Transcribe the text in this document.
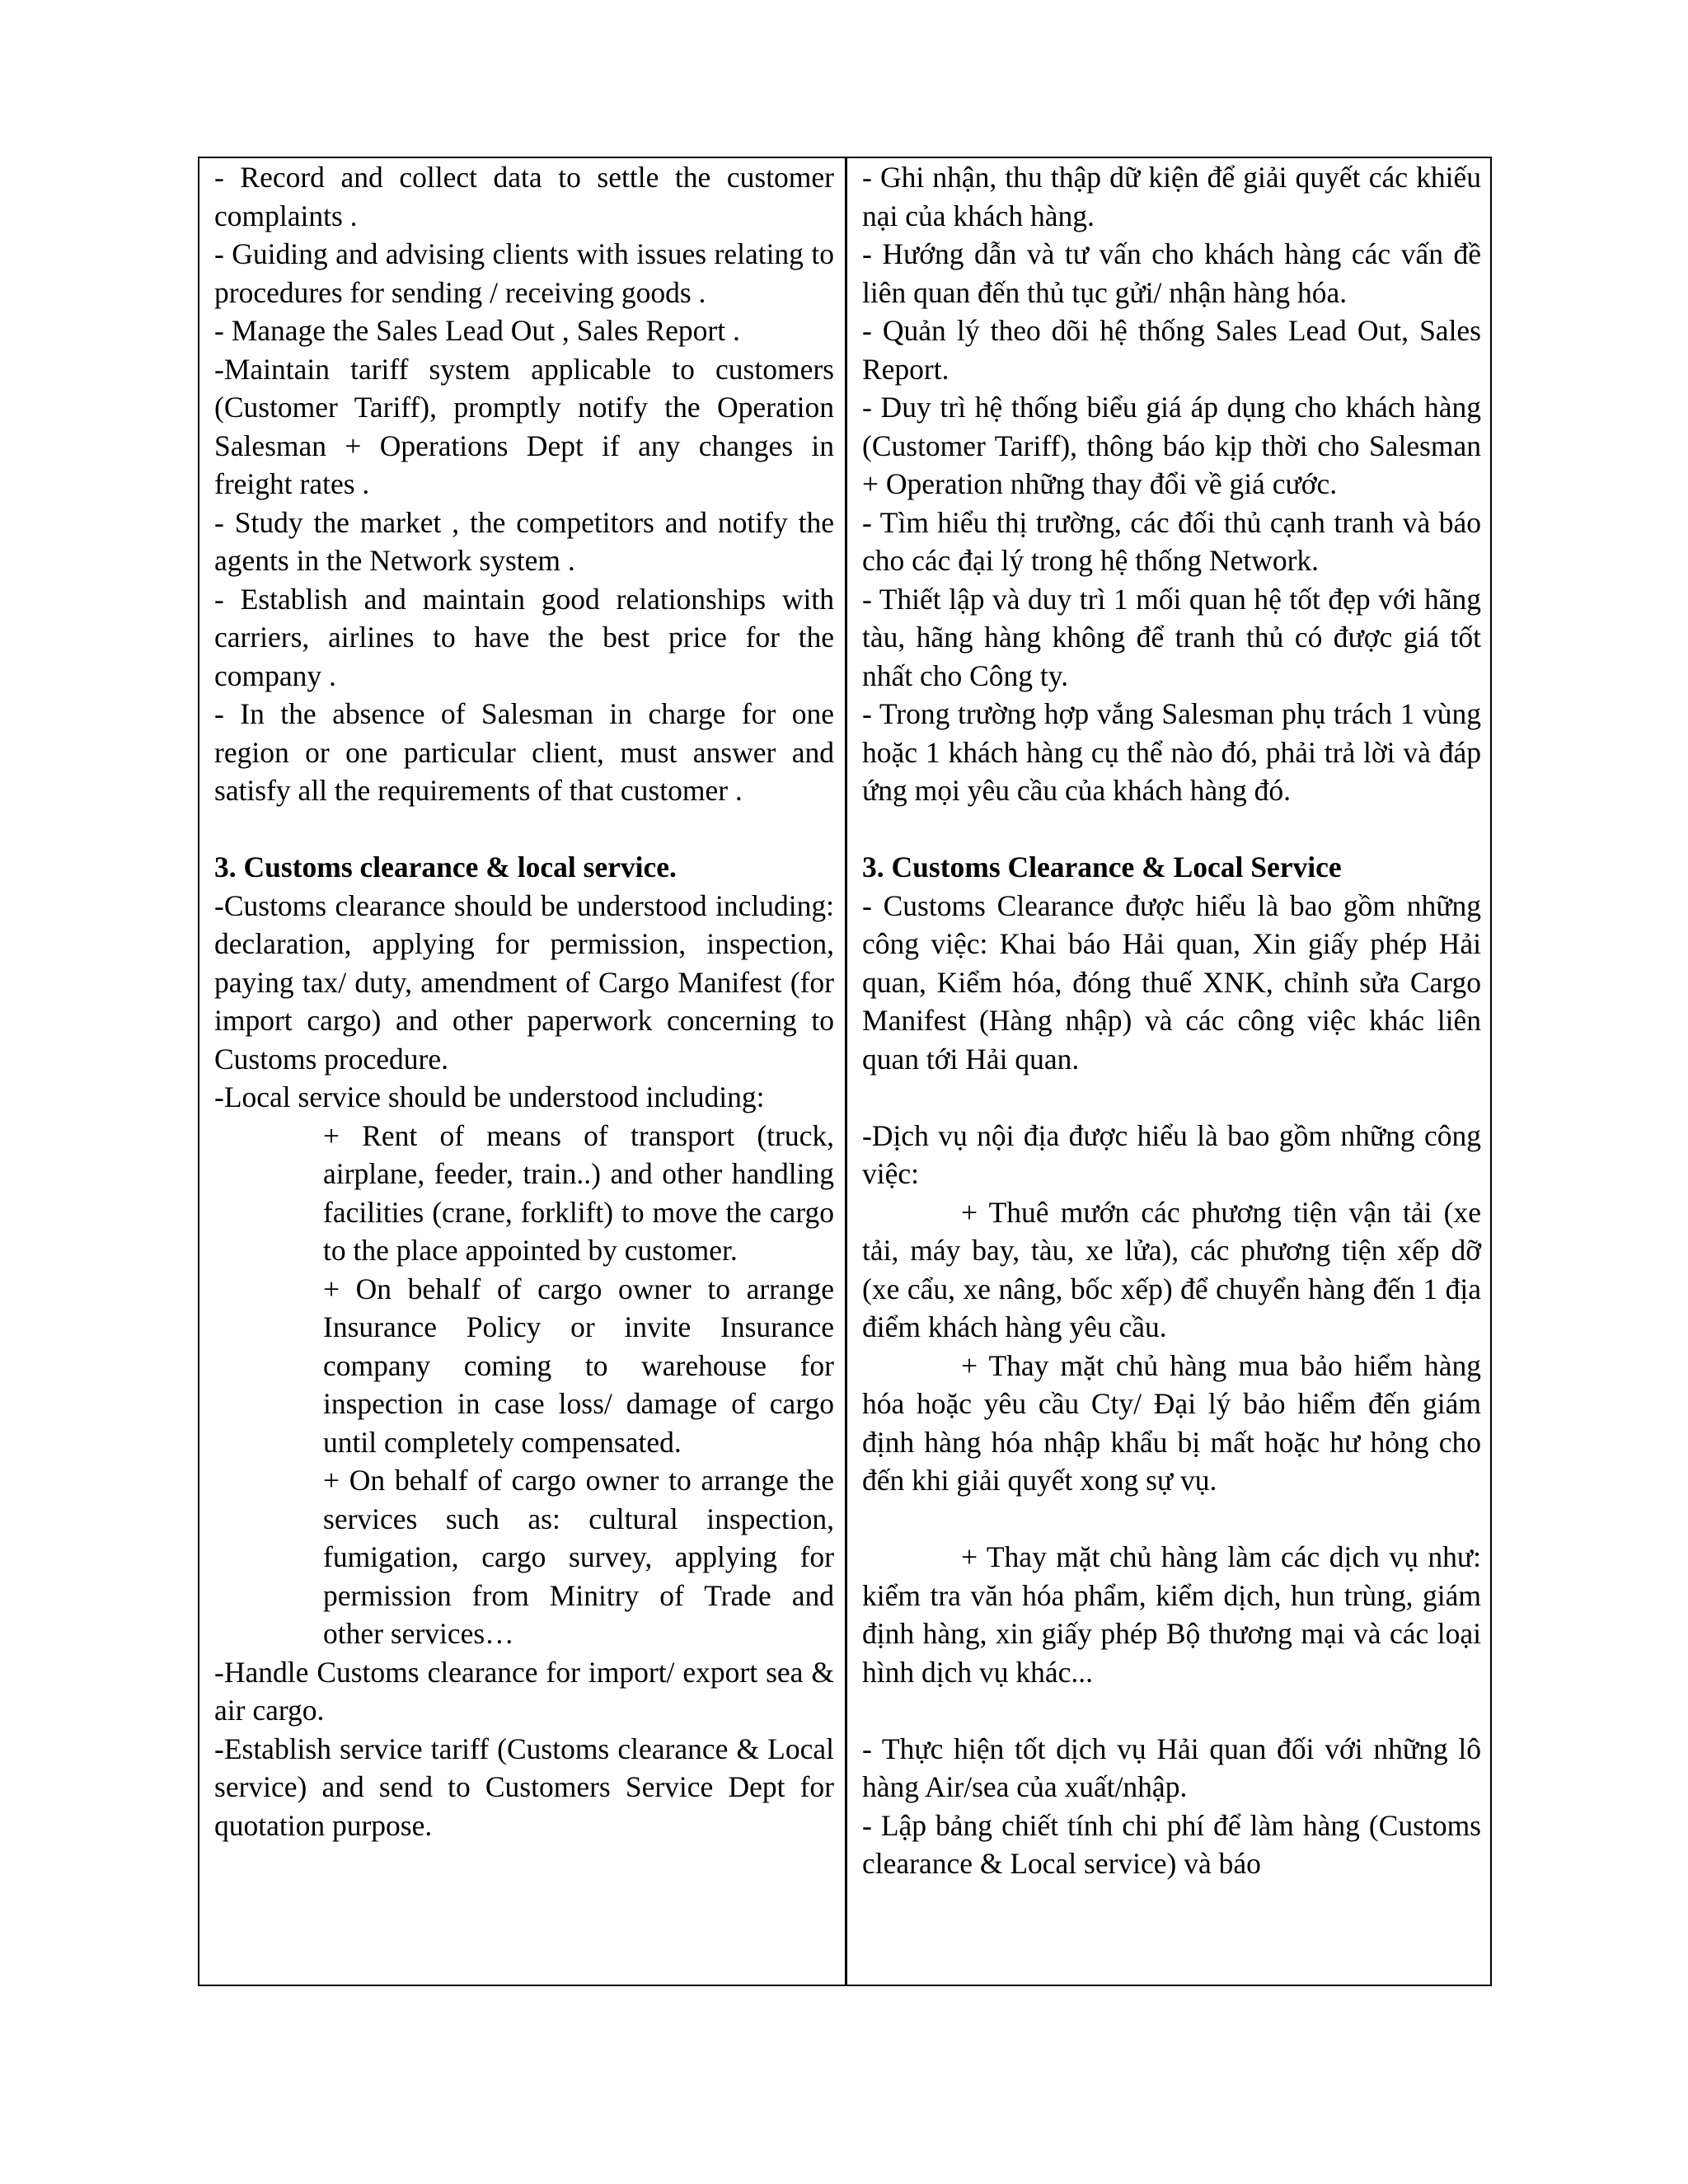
- Record and collect data to settle the customer complaints .

- Guiding and advising clients with issues relating to procedures for sending / receiving goods .

- Manage the Sales Lead Out , Sales Report .

-Maintain tariff system applicable to customers (Customer Tariff), promptly notify the Operation Salesman + Operations Dept if any changes in freight rates .

- Study the market , the competitors and notify the agents in the Network system .

- Establish and maintain good relationships with carriers, airlines to have the best price for the company .

- In the absence of Salesman in charge for one region or one particular client, must answer and satisfy all the requirements of that customer .

3. Customs clearance & local service.

-Customs clearance should be understood including: declaration, applying for permission, inspection, paying tax/ duty, amendment of Cargo Manifest (for import cargo) and other paperwork concerning to Customs procedure.

-Local service should be understood including:

+ Rent of means of transport (truck, airplane, feeder, train..) and other handling facilities (crane, forklift) to move the cargo to the place appointed by customer.

+ On behalf of cargo owner to arrange Insurance Policy or invite Insurance company coming to warehouse for inspection in case loss/ damage of cargo until completely compensated.

+ On behalf of cargo owner to arrange the services such as: cultural inspection, fumigation, cargo survey, applying for permission from Minitry of Trade and other services…

-Handle Customs clearance for import/ export sea & air cargo.

-Establish service tariff (Customs clearance & Local service) and send to Customers Service Dept for quotation purpose.

- Ghi nhận, thu thập dữ kiện để giải quyết các khiếu nại của khách hàng.

- Hướng dẫn và tư vấn cho khách hàng các vấn đề liên quan đến thủ tục gửi/ nhận hàng hóa.

- Quản lý theo dõi hệ thống Sales Lead Out, Sales Report.

- Duy trì hệ thống biểu giá áp dụng cho khách hàng (Customer Tariff), thông báo kịp thời cho Salesman + Operation những thay đổi về giá cước.

- Tìm hiểu thị trường, các đối thủ cạnh tranh và báo cho các đại lý trong hệ thống Network.

- Thiết lập và duy trì 1 mối quan hệ tốt đẹp với hãng tàu, hãng hàng không để tranh thủ có được giá tốt nhất cho Công ty.

- Trong trường hợp vắng Salesman phụ trách 1 vùng hoặc 1 khách hàng cụ thể nào đó, phải trả lời và đáp ứng mọi yêu cầu của khách hàng đó.

3. Customs Clearance & Local Service

- Customs Clearance được hiểu là bao gồm những công việc: Khai báo Hải quan, Xin giấy phép Hải quan, Kiểm hóa, đóng thuế XNK, chỉnh sửa Cargo Manifest (Hàng nhập) và các công việc khác liên quan tới Hải quan.

-Dịch vụ nội địa được hiểu là bao gồm những công việc:

+ Thuê mướn các phương tiện vận tải (xe tải, máy bay, tàu, xe lửa), các phương tiện xếp dỡ (xe cẩu, xe nâng, bốc xếp) để chuyển hàng đến 1 địa điểm khách hàng yêu cầu.

+ Thay mặt chủ hàng mua bảo hiểm hàng hóa hoặc yêu cầu Cty/ Đại lý bảo hiểm đến giám định hàng hóa nhập khẩu bị mất hoặc hư hỏng cho đến khi giải quyết xong sự vụ.

+ Thay mặt chủ hàng làm các dịch vụ như: kiểm tra văn hóa phẩm, kiểm dịch, hun trùng, giám định hàng, xin giấy phép Bộ thương mại và các loại hình dịch vụ khác...

- Thực hiện tốt dịch vụ Hải quan đối với những lô hàng Air/sea của xuất/nhập.

- Lập bảng chiết tính chi phí để làm hàng (Customs clearance & Local service) và báo
